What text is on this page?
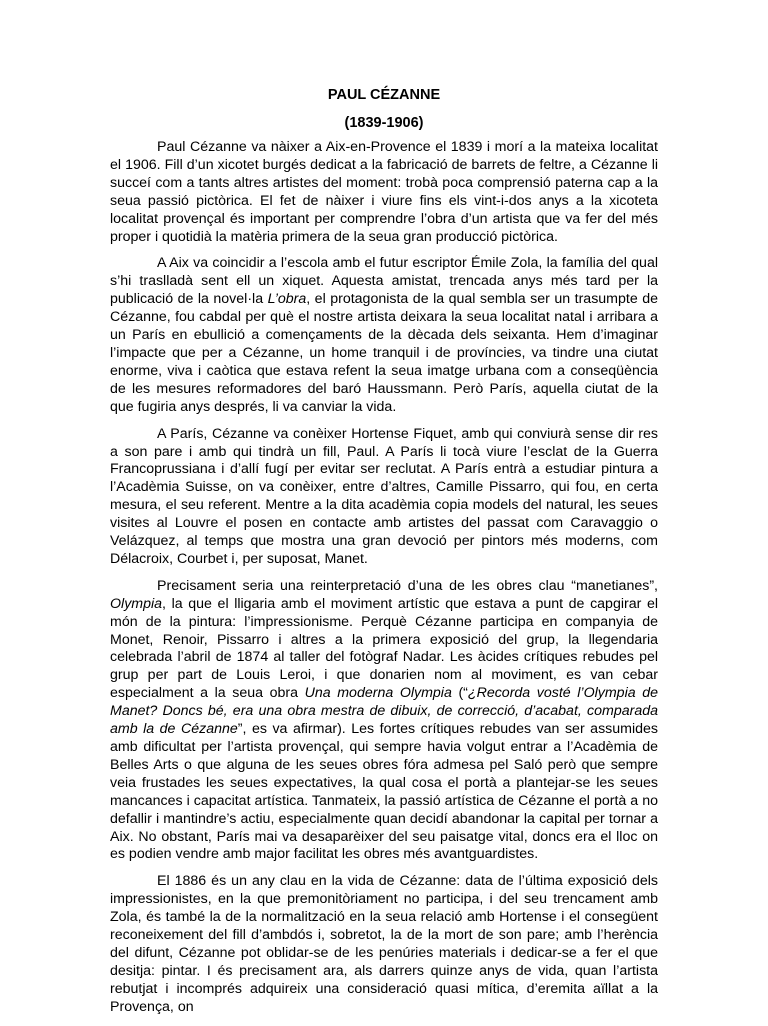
PAUL CÉZANNE
(1839-1906)

Paul Cézanne va nàixer a Aix-en-Provence el 1839 i morí a la mateixa localitat el 1906. Fill d’un xicotet burgés dedicat a la fabricació de barrets de feltre, a Cézanne li succeí com a tants altres artistes del moment: trobà poca comprensió paterna cap a la seua passió pictòrica. El fet de nàixer i viure fins els vint-i-dos anys a la xicoteta localitat provençal és important per comprendre l’obra d’un artista que va fer del més proper i quotidià la matèria primera de la seua gran producció pictòrica.

A Aix va coincidir a l’escola amb el futur escriptor Émile Zola, la família del qual s’hi traslladà sent ell un xiquet. Aquesta amistat, trencada anys més tard per la publicació de la novel·la L’obra, el protagonista de la qual sembla ser un trasumpte de Cézanne, fou cabdal per què el nostre artista deixara la seua localitat natal i arribara a un París en ebullició a començaments de la dècada dels seixanta. Hem d’imaginar l’impacte que per a Cézanne, un home tranquil i de províncies, va tindre una ciutat enorme, viva i caòtica que estava refent la seua imatge urbana com a conseqüència de les mesures reformadores del baró Haussmann. Però París, aquella ciutat de la que fugiria anys després, li va canviar la vida.

A París, Cézanne va conèixer Hortense Fiquet, amb qui conviurà sense dir res a son pare i amb qui tindrà un fill, Paul. A París li tocà viure l’esclat de la Guerra Francoprussiana i d’allí fugí per evitar ser reclutat. A París entrà a estudiar pintura a l’Acadèmia Suisse, on va conèixer, entre d’altres, Camille Pissarro, qui fou, en certa mesura, el seu referent. Mentre a la dita acadèmia copia models del natural, les seues visites al Louvre el posen en contacte amb artistes del passat com Caravaggio o Velázquez, al temps que mostra una gran devoció per pintors més moderns, com Délacroix, Courbet i, per suposat, Manet.

Precisament seria una reinterpretació d’una de les obres clau “manetianes”, Olympia, la que el lligaria amb el moviment artístic que estava a punt de capgirar el món de la pintura: l’impressionisme. Perquè Cézanne participa en companyia de Monet, Renoir, Pissarro i altres a la primera exposició del grup, la llegendaria celebrada l’abril de 1874 al taller del fotògraf Nadar. Les àcides crítiques rebudes pel grup per part de Louis Leroi, i que donarien nom al moviment, es van cebar especialment a la seua obra Una moderna Olympia (“¿Recorda vosté l’Olympia de Manet? Doncs bé, era una obra mestra de dibuix, de correcció, d’acabat, comparada amb la de Cézanne”, es va afirmar). Les fortes crítiques rebudes van ser assumides amb dificultat per l’artista provençal, qui sempre havia volgut entrar a l’Acadèmia de Belles Arts o que alguna de les seues obres fóra admesa pel Saló però que sempre veia frustades les seues expectatives, la qual cosa el portà a plantejar-se les seues mancances i capacitat artística. Tanmateix, la passió artística de Cézanne el portà a no defallir i mantindre’s actiu, especialmente quan decidí abandonar la capital per tornar a Aix. No obstant, París mai va desaparèixer del seu paisatge vital, doncs era el lloc on es podien vendre amb major facilitat les obres més avantguardistes.

El 1886 és un any clau en la vida de Cézanne: data de l’última exposició dels impressionistes, en la que premonitòriament no participa, i del seu trencament amb Zola, és també la de la normalització en la seua relació amb Hortense i el consegüent reconeixement del fill d’ambdós i, sobretot, la de la mort de son pare; amb l’herència del difunt, Cézanne pot oblidar-se de les penúries materials i dedicar-se a fer el que desitja: pintar. I és precisament ara, als darrers quinze anys de vida, quan l’artista rebutjat i incomprés adquireix una consideració quasi mítica, d’eremita aïllat a la Provença, on
